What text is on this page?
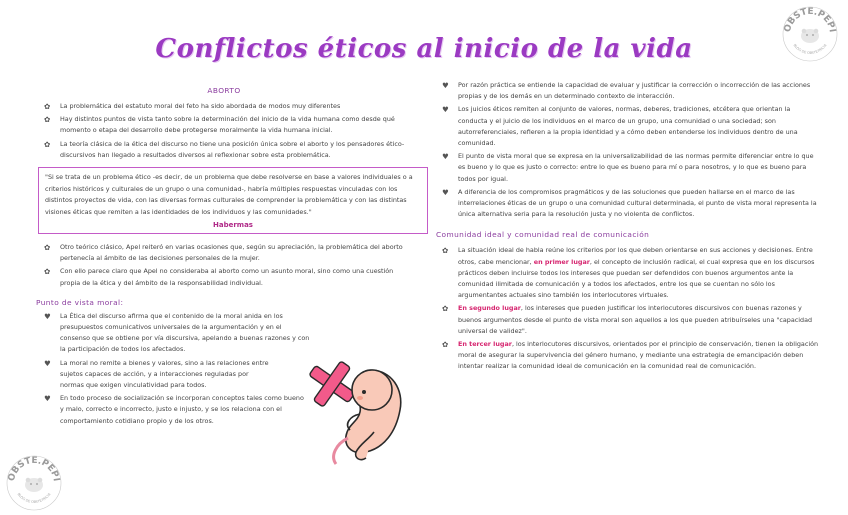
Conflictos éticos al inicio de la vida
OBSTE.PEPI
BLOG DE OBSTETRICIA
OBSTE.PEPI
BLOG DE OBSTETRICIA
ABORTO
✿ La problemática del estatuto moral del feto ha sido abordada de modos muy diferentes
✿ Hay distintos puntos de vista tanto sobre la determinación del inicio de la vida humana como desde qué momento o etapa del desarrollo debe protegerse moralmente la vida humana inicial.
✿ La teoría clásica de la ética del discurso no tiene una posición única sobre el aborto y los pensadores ético-discursivos han llegado a resultados diversos al reflexionar sobre esta problemática.

"Si se trata de un problema ético -es decir, de un problema que debe resolverse en base a valores individuales o a criterios históricos y culturales de un grupo o una comunidad-, habría múltiples respuestas vinculadas con los distintos proyectos de vida, con las diversas formas culturales de comprender la problemática y con las distintas visiones éticas que remiten a las identidades de los individuos y las comunidades."

Habermas
✿ Otro teórico clásico, Apel reiteró en varias ocasiones que, según su apreciación, la problemática del aborto pertenecía al ámbito de las decisiones personales de la mujer.
✿ Con ello parece claro que Apel no consideraba al aborto como un asunto moral, sino como una cuestión propia de la ética y del ámbito de la responsabilidad individual.
Punto de vista moral:
♥ La Ética del discurso afirma que el contenido de la moral anida en los presupuestos comunicativos universales de la argumentación y en el consenso que se obtiene por vía discursiva, apelando a buenas razones y con la participación de todos los afectados.
♥ La moral no remite a bienes y valores, sino a las relaciones entre sujetos capaces de acción, y a interacciones reguladas por normas que exigen vinculatividad para todos.
♥ En todo proceso de socialización se incorporan conceptos tales como bueno y malo, correcto e incorrecto, justo e injusto, y se los relaciona con el comportamiento cotidiano propio y de los otros.
♥ Por razón práctica se entiende la capacidad de evaluar y justificar la corrección o incorrección de las acciones propias y de los demás en un determinado contexto de interacción.
♥ Los juicios éticos remiten al conjunto de valores, normas, deberes, tradiciones, etcétera que orientan la conducta y el juicio de los individuos en el marco de un grupo, una comunidad o una sociedad; son autorreferenciales, refieren a la propia identidad y a cómo deben entenderse los individuos dentro de una comunidad.
♥ El punto de vista moral que se expresa en la universalizabilidad de las normas permite diferenciar entre lo que es bueno y lo que es justo o correcto: entre lo que es bueno para mí o para nosotros, y lo que es bueno para todos por igual.
♥ A diferencia de los compromisos pragmáticos y de las soluciones que pueden hallarse en el marco de las interrelaciones éticas de un grupo o una comunidad cultural determinada, el punto de vista moral representa la única alternativa seria para la resolución justa y no violenta de conflictos.
Comunidad ideal y comunidad real de comunicación
✿ La situación ideal de habla reúne los criterios por los que deben orientarse en sus acciones y decisiones. Entre otros, cabe mencionar, en primer lugar, el concepto de inclusión radical, el cual expresa que en los discursos prácticos deben incluirse todos los intereses que puedan ser defendidos con buenos argumentos ante la comunidad ilimitada de comunicación y a todos los afectados, entre los que se cuentan no sólo los argumentantes actuales sino también los interlocutores virtuales.
✿ En segundo lugar, los intereses que pueden justificar los interlocutores discursivos con buenas razones y buenos argumentos desde el punto de vista moral son aquellos a los que pueden atribuírseles una "capacidad universal de validez".
✿ En tercer lugar, los interlocutores discursivos, orientados por el principio de conservación, tienen la obligación moral de asegurar la supervivencia del género humano, y mediante una estrategia de emancipación deben intentar realizar la comunidad ideal de comunicación en la comunidad real de comunicación.
